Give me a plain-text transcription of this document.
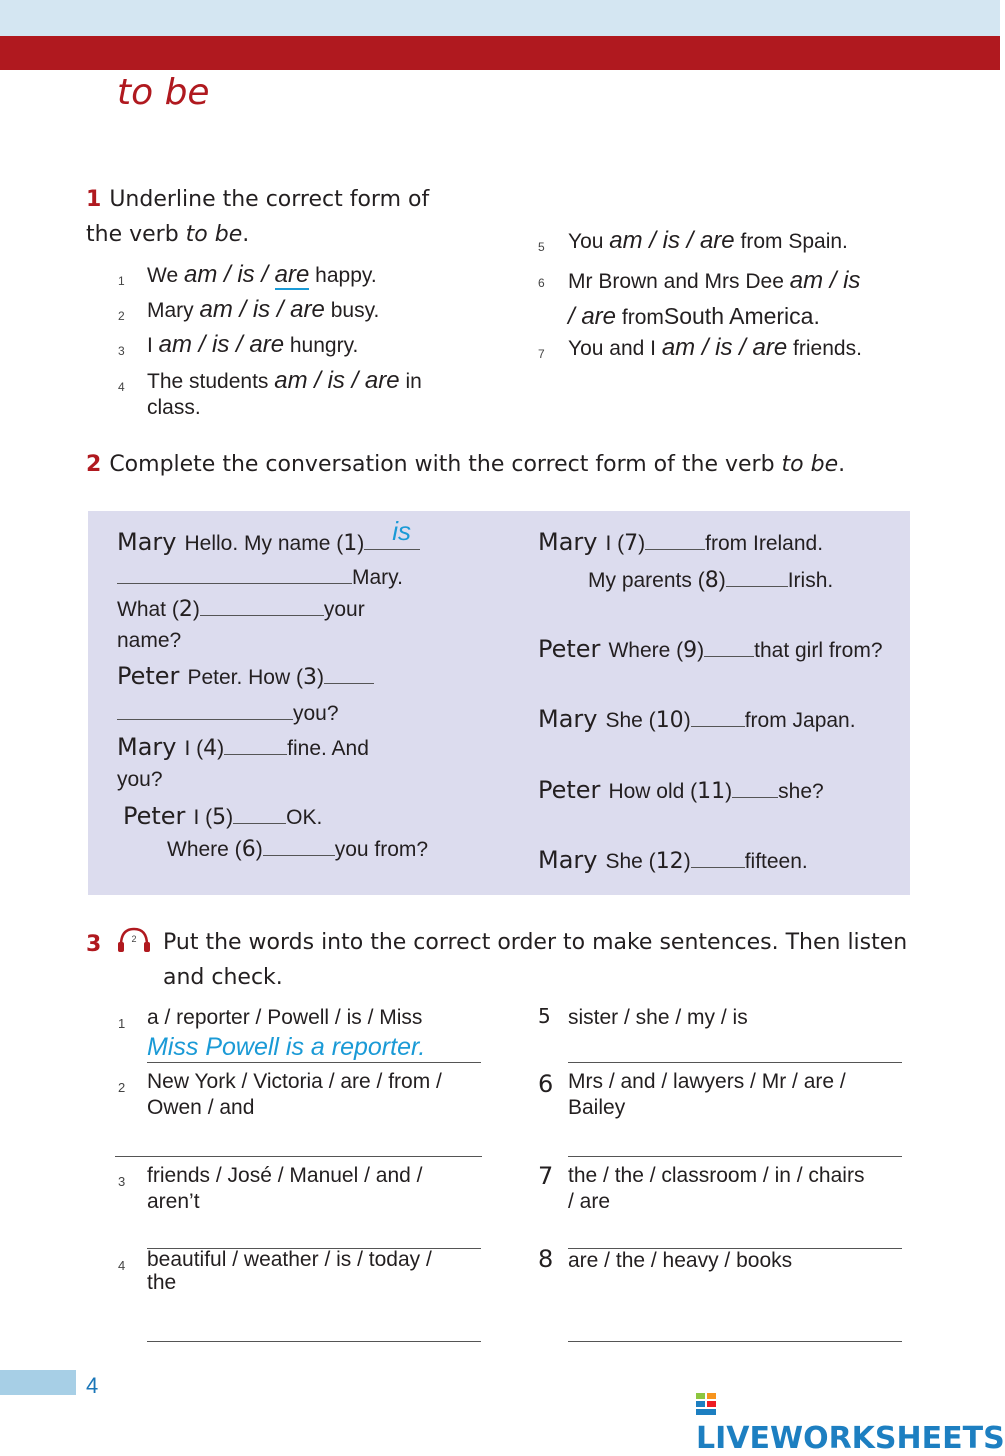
to be
1 Underline the correct form of
the verb to be.
1 We am / is / are happy.
2 Mary am / is / are busy.
3 I am / is / are hungry.
4 The students am / is / are in
class.
5 You am / is / are from Spain.
6 Mr Brown and Mrs Dee am / is
/ are fromSouth America.
7 You and I am / is / are friends.
2 Complete the conversation with the correct form of the verb to be.
Mary Hello. My name (1) is
Mary.
What (2)	your
name?
Peter Peter. How (3)
you?
Mary I (4)	fine. And
you?
Peter I (5)	OK.
Where (6)	you from?
Mary I (7)	from Ireland.
My parents (8)	Irish.
Peter Where (9) that girl from?
Mary She (10)	from Japan.
Peter How old (11) she?
Mary She (12)	fifteen.
3	2 Put the words into the correct order to make sentences. Then listen
and check.
1 a / reporter / Powell / is / Miss
Miss Powell is a reporter.
2 New York / Victoria / are / from /
Owen / and
3 friends / José / Manuel / and /
aren’t
4 beautiful / weather / is / today /
the
5 sister / she / my / is
6 Mrs / and / lawyers / Mr / are /
Bailey
7 the / the / classroom / in / chairs
/ are
8 are / the / heavy / books
4
LIVEWORKSHEETS
